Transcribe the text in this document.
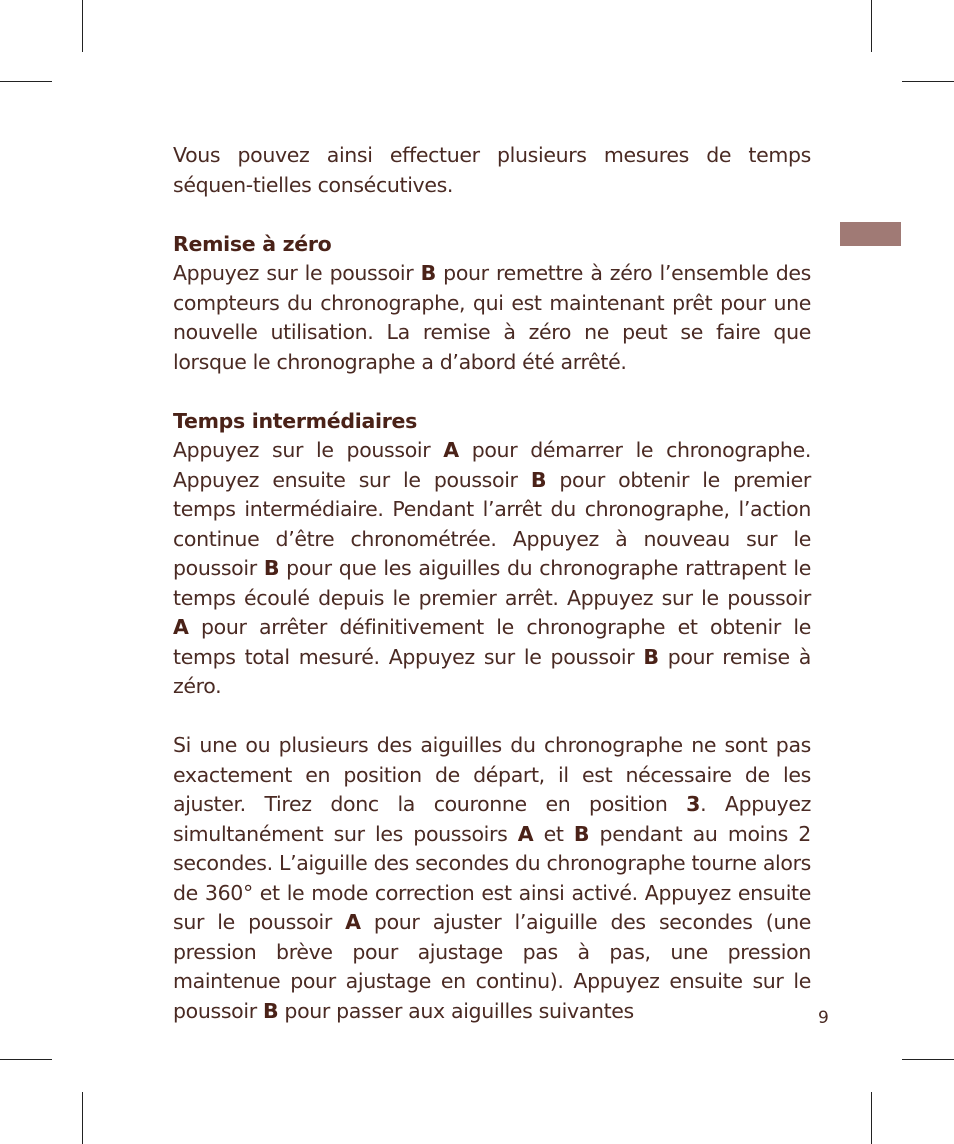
Vous pouvez ainsi effectuer plusieurs mesures de temps séquen-tielles consécutives.

Remise à zéro

Appuyez sur le poussoir B pour remettre à zéro l’ensemble des compteurs du chronographe, qui est maintenant prêt pour une nouvelle utilisation. La remise à zéro ne peut se faire que lorsque le chronographe a d’abord été arrêté.

Temps intermédiaires

Appuyez sur le poussoir A pour démarrer le chronographe. Appuyez ensuite sur le poussoir B pour obtenir le premier temps intermédiaire. Pendant l’arrêt du chronographe, l’action continue d’être chronométrée. Appuyez à nouveau sur le poussoir B pour que les aiguilles du chronographe rattrapent le temps écoulé depuis le premier arrêt. Appuyez sur le poussoir A pour arrêter définitivement le chronographe et obtenir le temps total mesuré. Appuyez sur le poussoir B pour remise à zéro.

Si une ou plusieurs des aiguilles du chronographe ne sont pas exactement en position de départ, il est nécessaire de les ajuster. Tirez donc la couronne en position 3. Appuyez simultanément sur les poussoirs A et B pendant au moins 2 secondes. L’aiguille des secondes du chronographe tourne alors de 360° et le mode correction est ainsi activé. Appuyez ensuite sur le poussoir A pour ajuster l’aiguille des secondes (une pression brève pour ajustage pas à pas, une pression maintenue pour ajustage en continu). Appuyez ensuite sur le poussoir B pour passer aux aiguilles suivantes	9
